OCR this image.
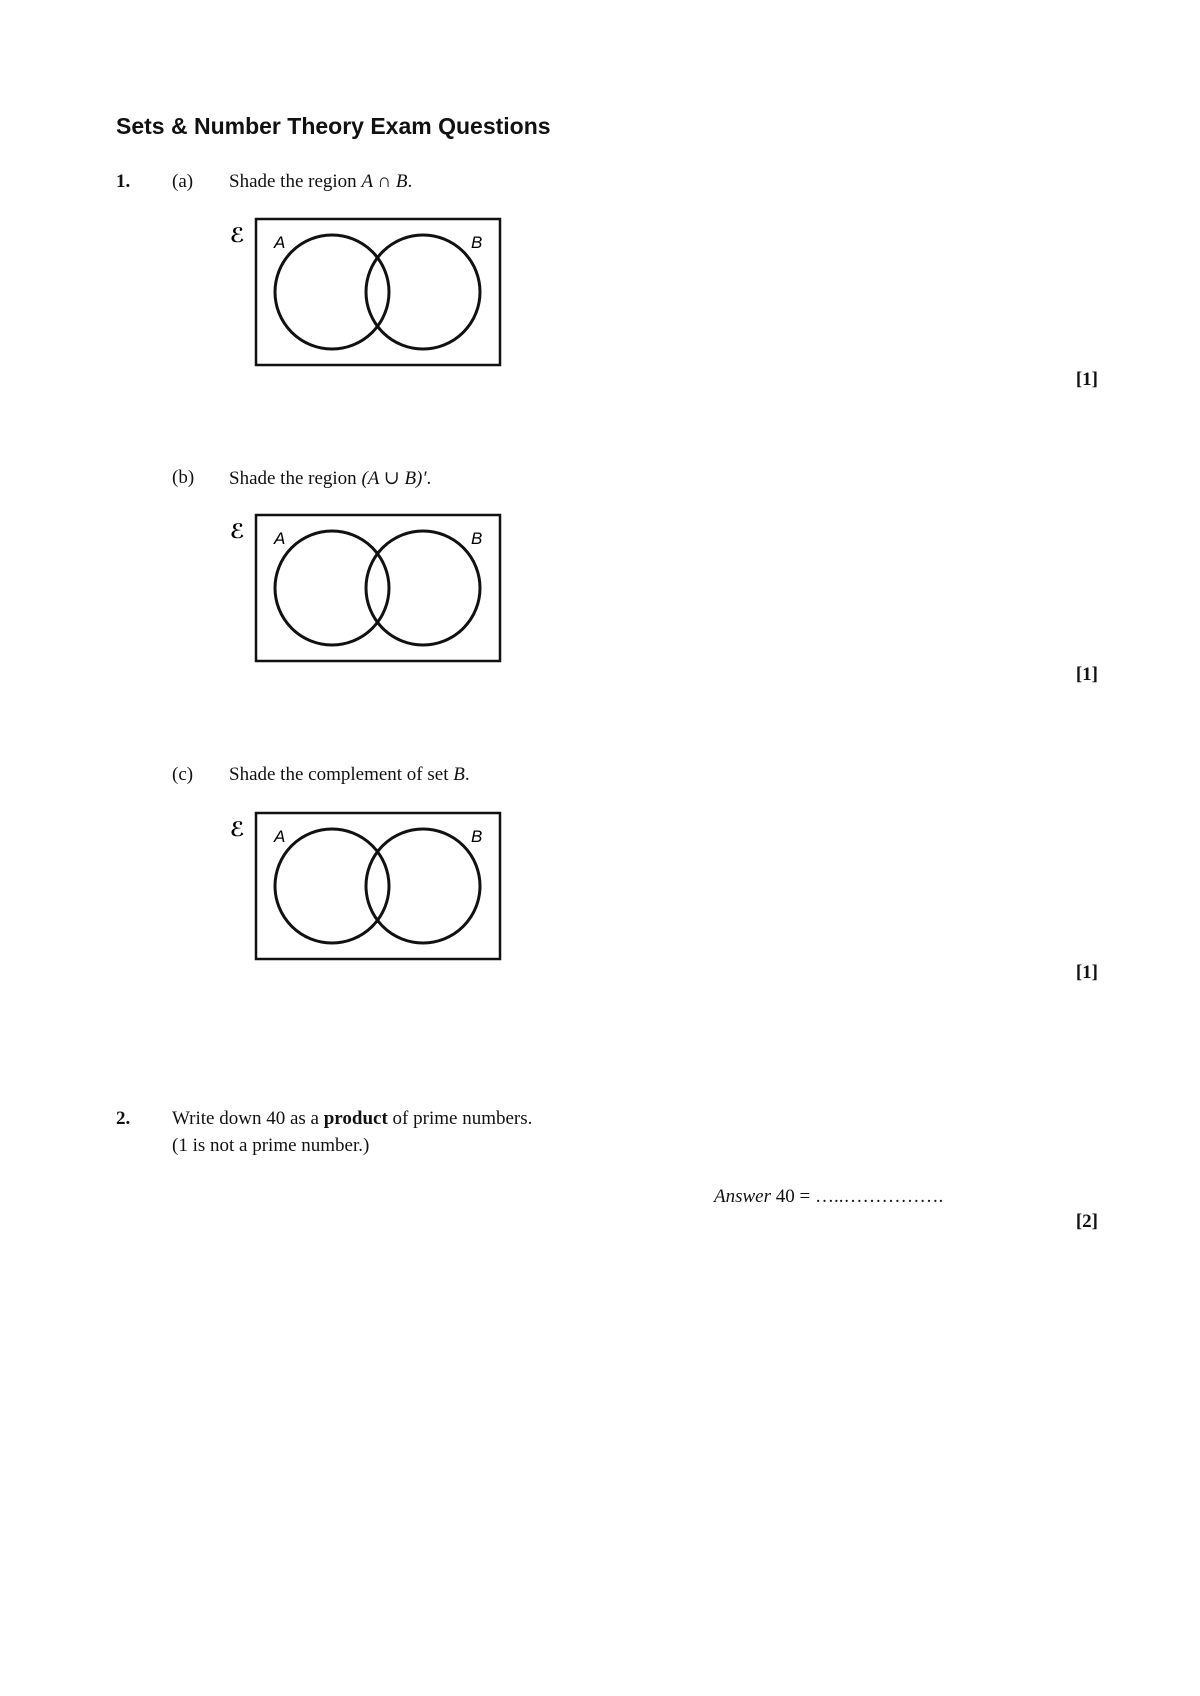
Sets & Number Theory Exam Questions
1. (a) Shade the region A ∩ B.
ℰ A	B
[1]
(b) Shade the region (A ∪ B)′.
ℰ A	B
[1]
(c) Shade the complement of set B.
ℰ A	B
[1]
2. Write down 40 as a product of prime numbers.
(1 is not a prime number.)
Answer 40 = …..…………….
[2]
